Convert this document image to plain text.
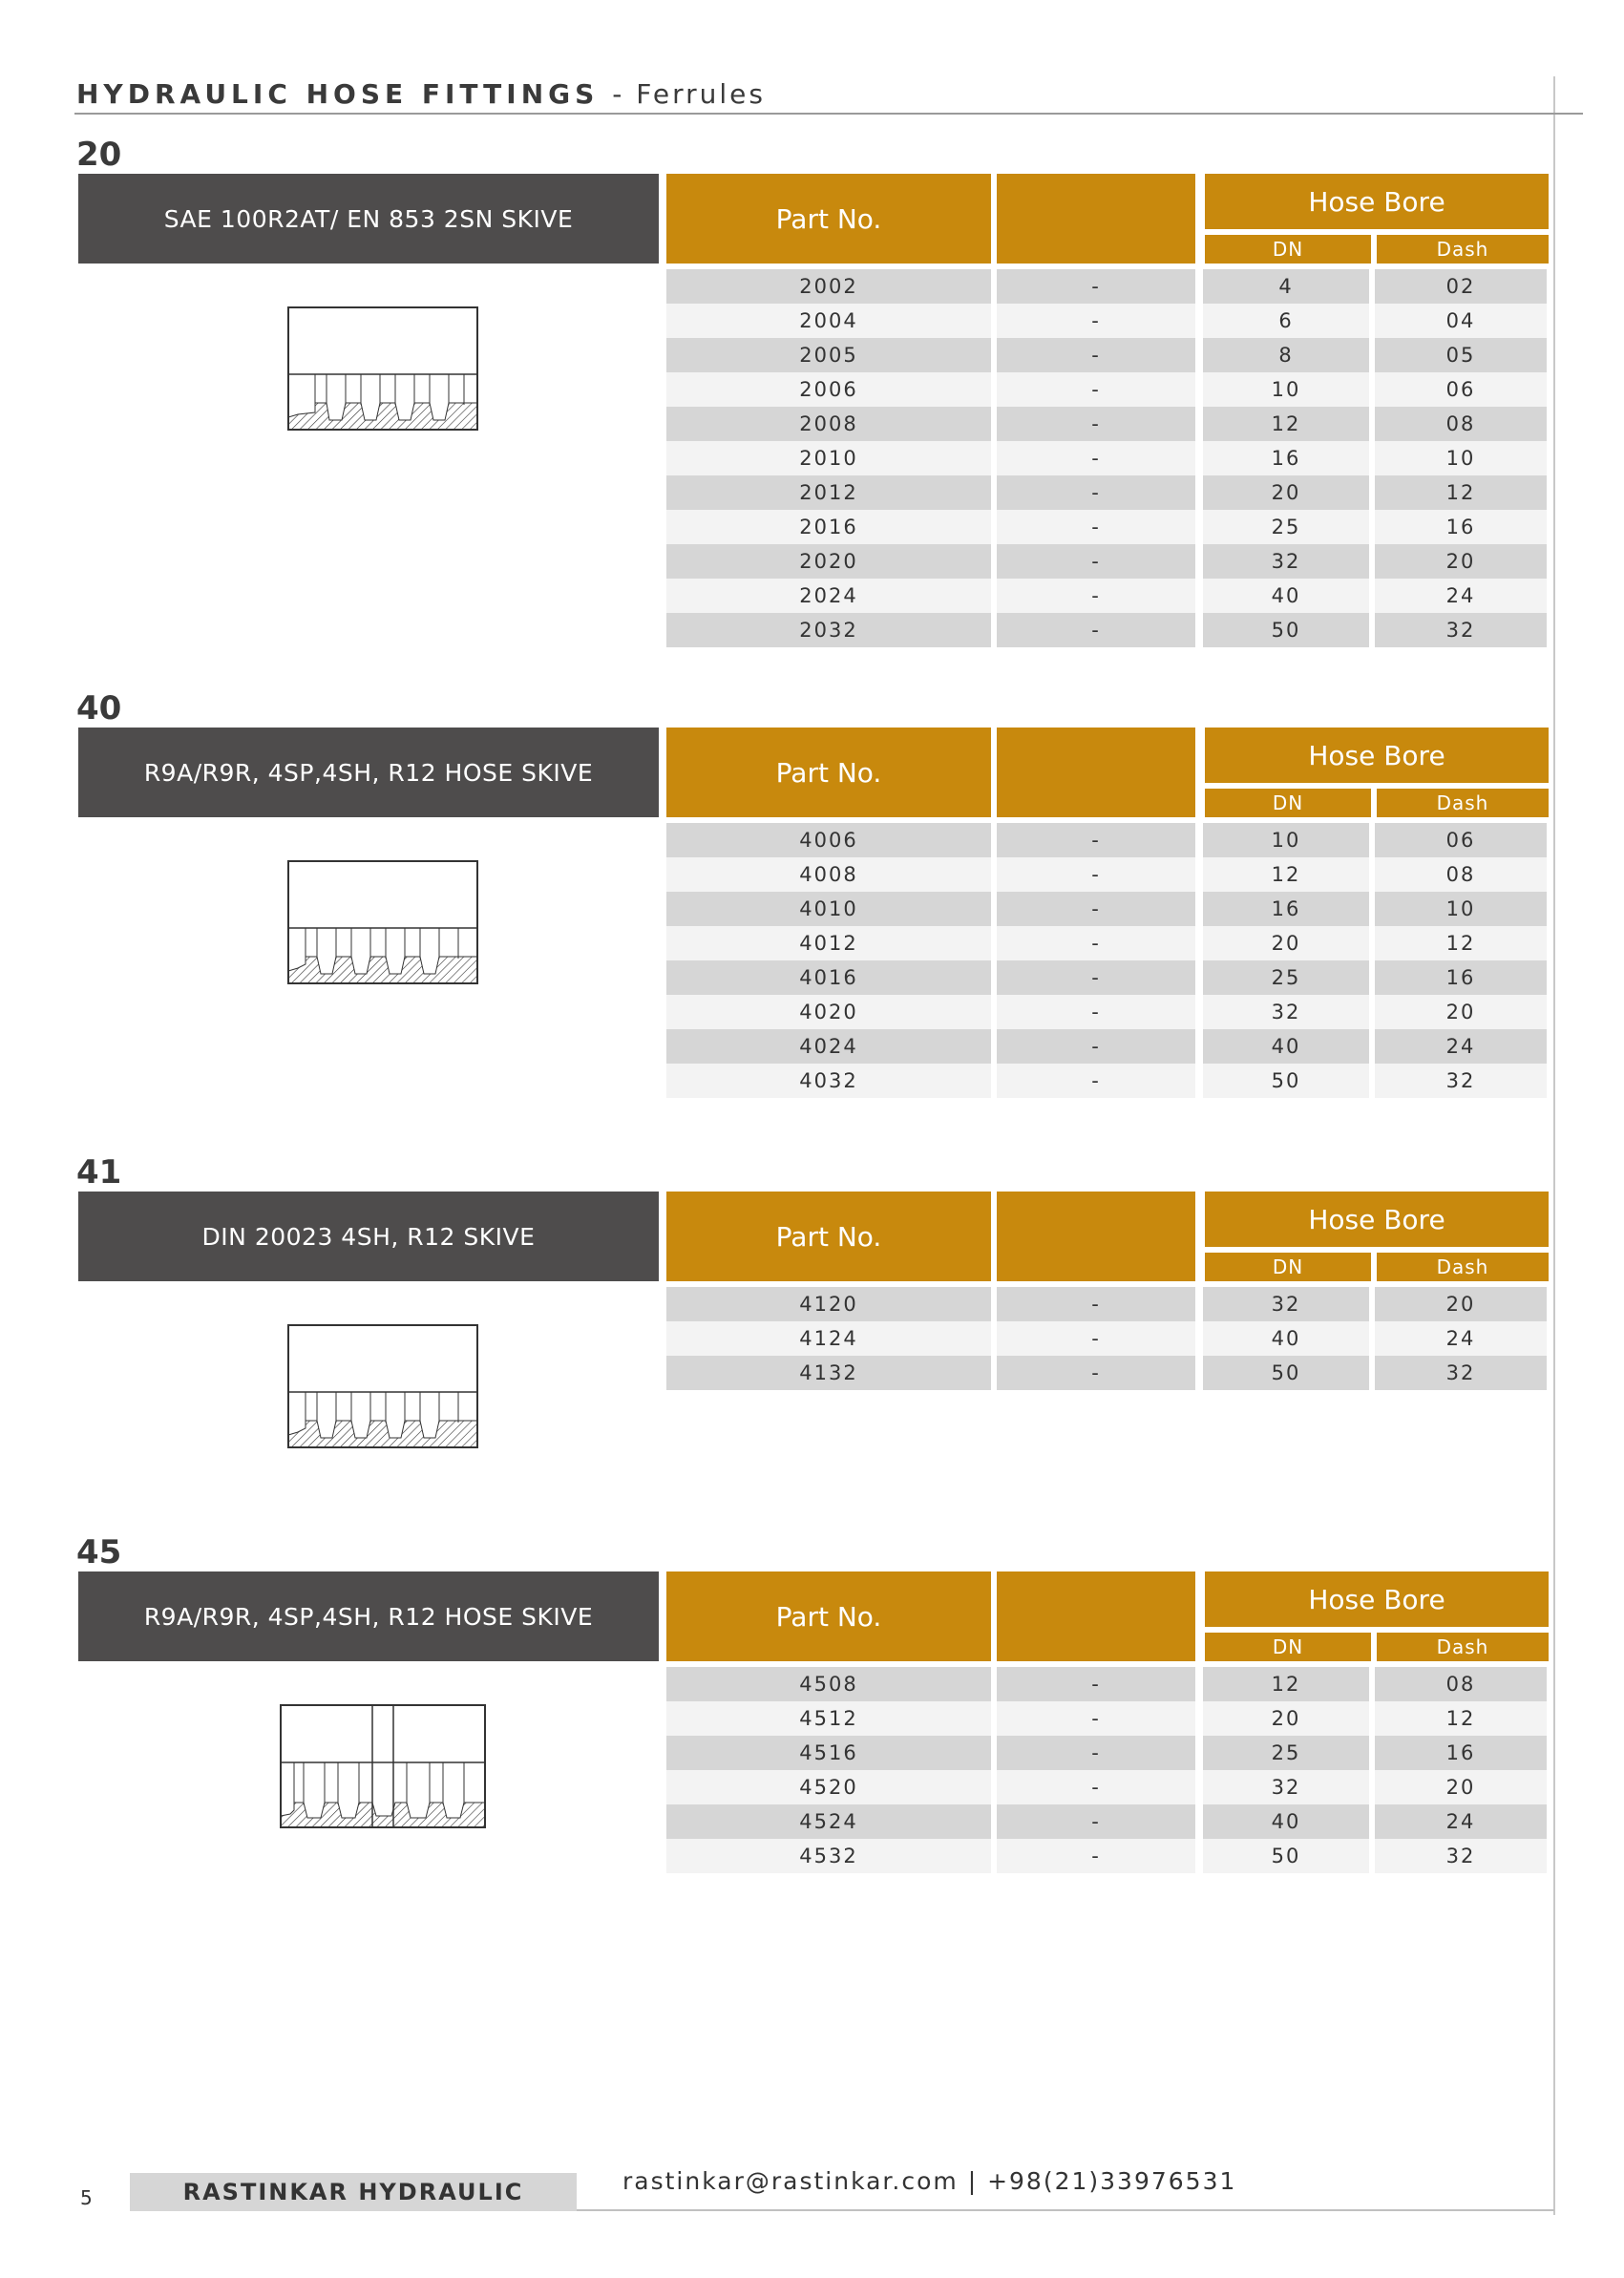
HYDRAULIC HOSE FITTINGS - Ferrules
20
SAE 100R2AT/ EN 853 2SN SKIVE	Part No.
Hose Bore
DN	Dash
2002	-	4	02
2004	-	6	04
2005	-	8	05
2006	-	10	06
2008	-	12	08
2010	-	16	10
2012	-	20	12
2016	-	25	16
2020	-	32	20
2024	-	40	24
2032	-	50	32
40
R9A/R9R, 4SP,4SH, R12 HOSE SKIVE	Part No.
Hose Bore
DN	Dash
4006	-	10	06
4008	-	12	08
4010	-	16	10
4012	-	20	12
4016	-	25	16
4020	-	32	20
4024	-	40	24
4032	-	50	32
41
DIN 20023 4SH, R12 SKIVE	Part No.
Hose Bore
DN	Dash
4120	-	32	20
4124	-	40	24
4132	-	50	32
45
R9A/R9R, 4SP,4SH, R12 HOSE SKIVE	Part No.
Hose Bore
DN	Dash
4508	-	12	08
4512	-	20	12
4516	-	25	16
4520	-	32	20
4524	-	40	24
4532	-	50	32
5	RASTINKAR HYDRAULIC	rastinkar@rastinkar.com | +98(21)33976531
